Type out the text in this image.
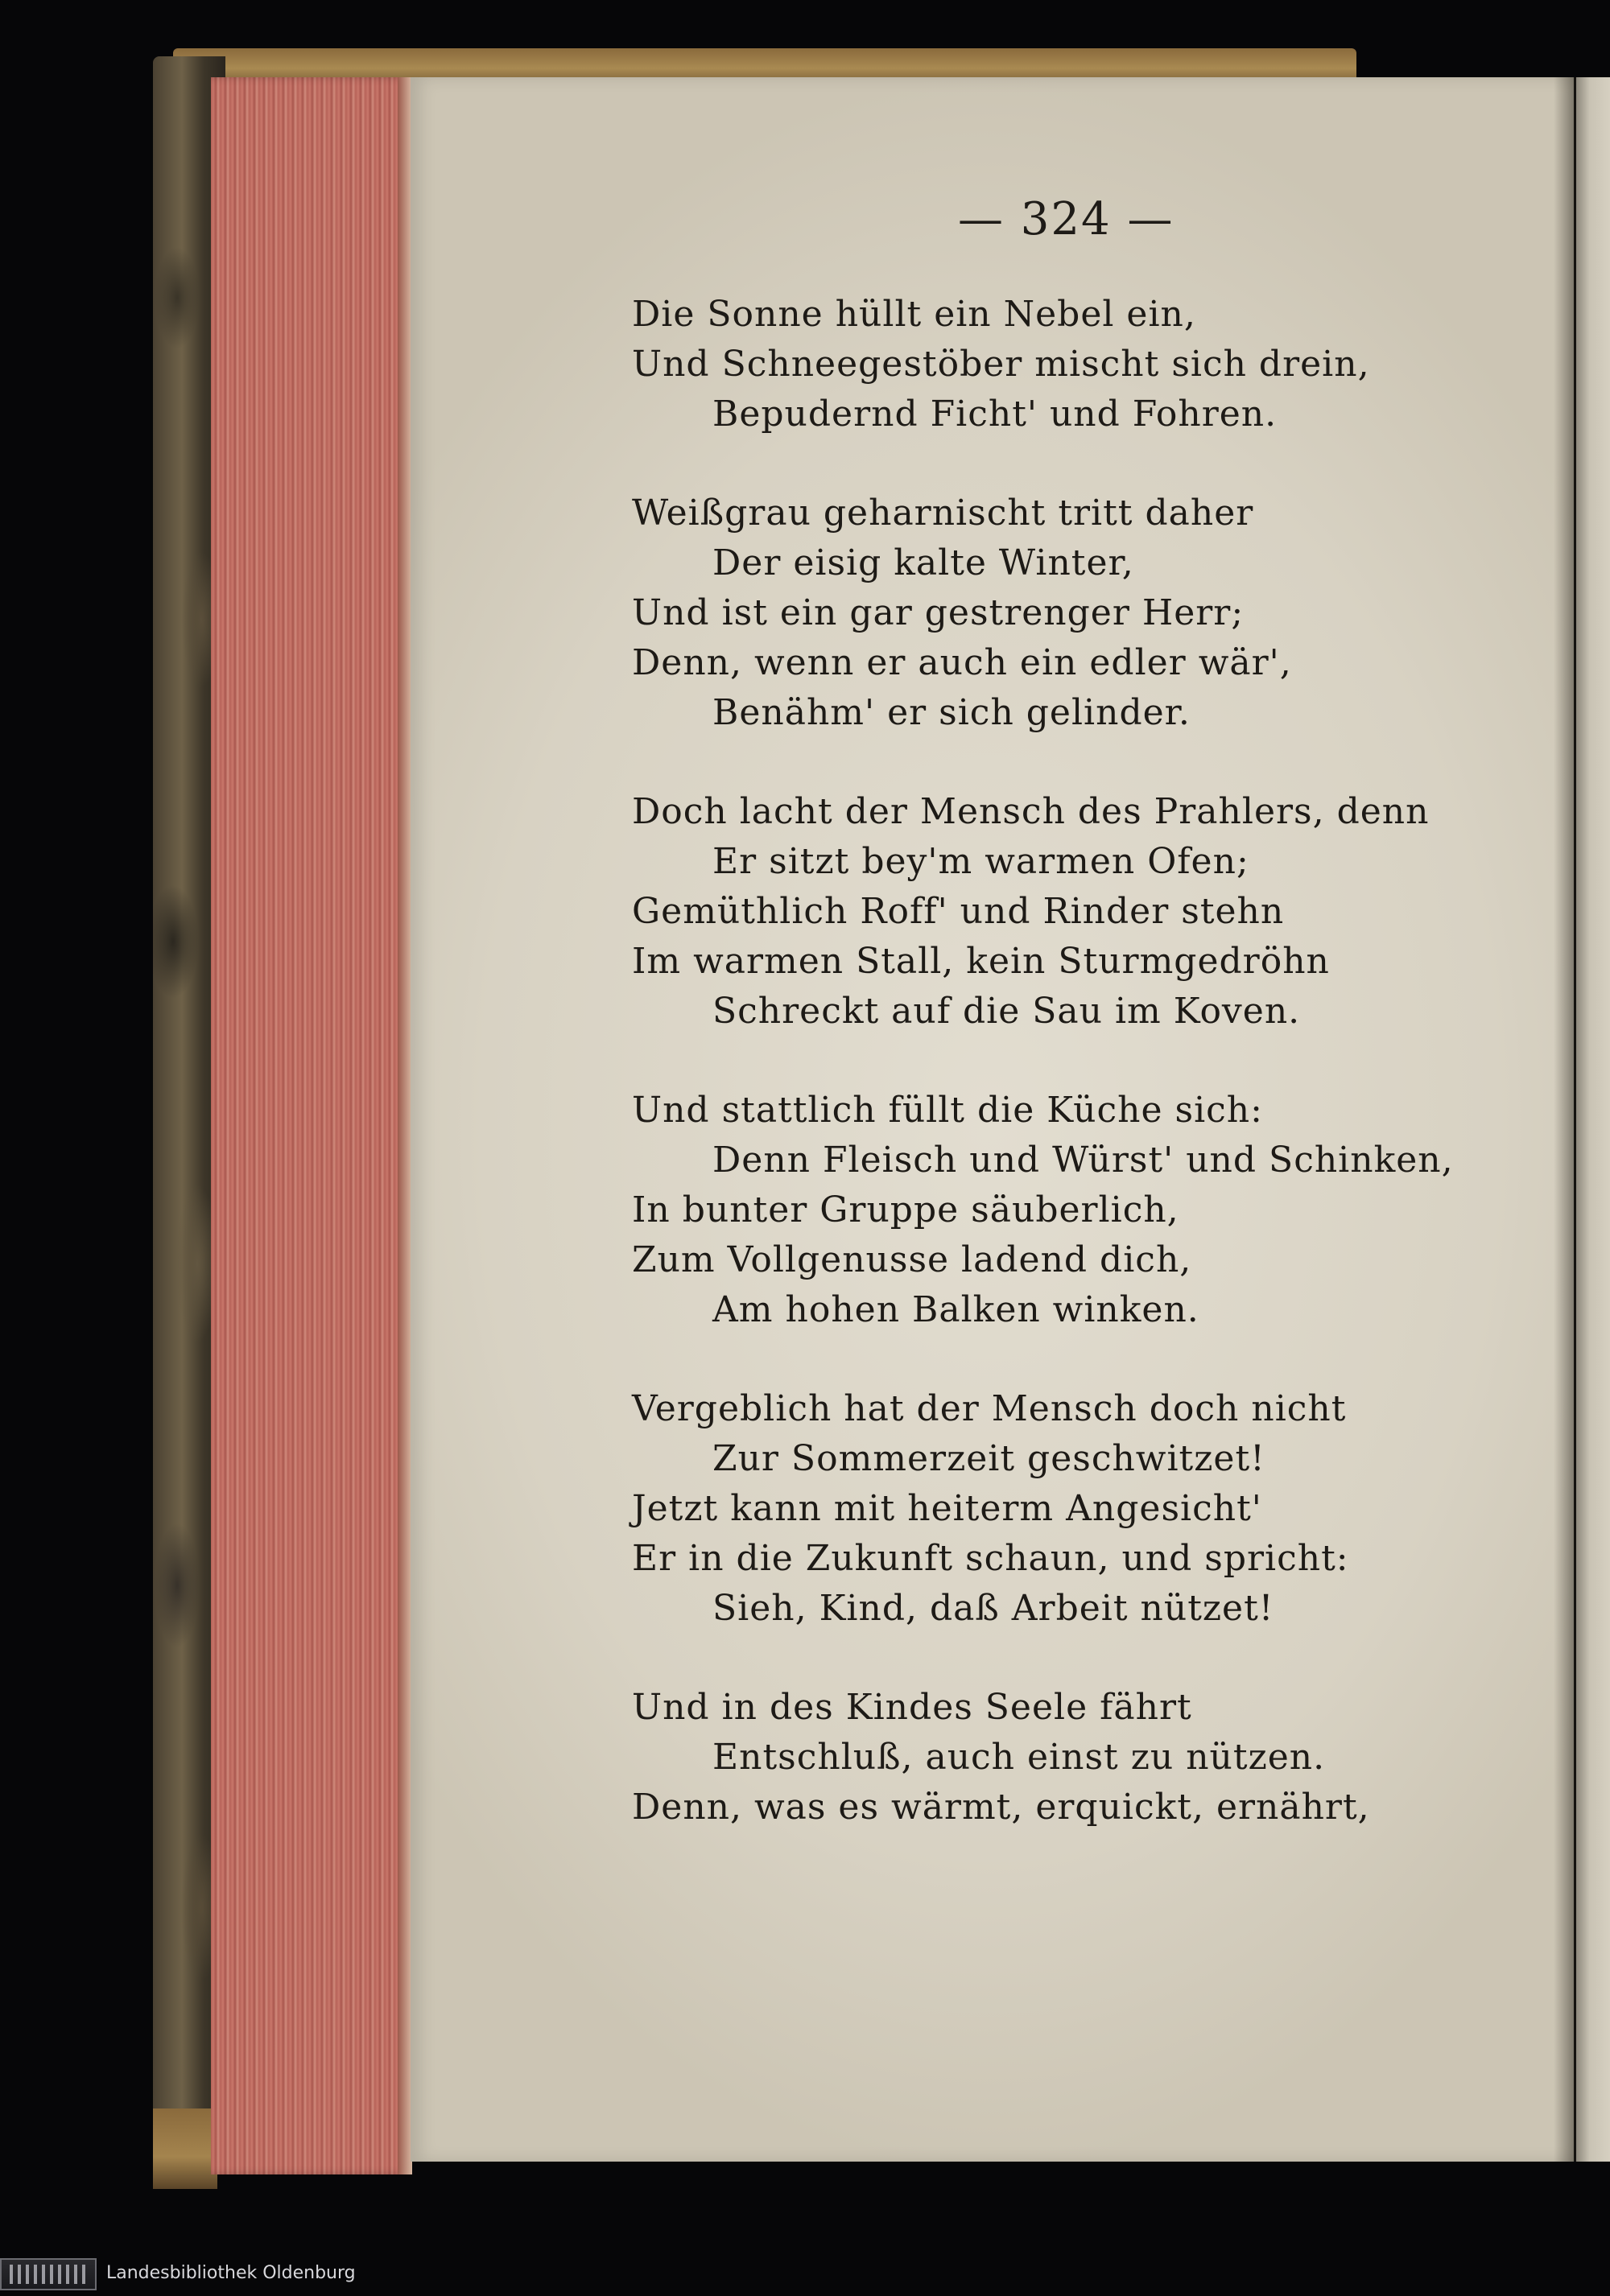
— 324 —
Die Sonne hüllt ein Nebel ein,
Und Schneegestöber mischt sich drein,
Bepudernd Ficht' und Fohren.
Weißgrau geharnischt tritt daher
Der eisig kalte Winter,
Und ist ein gar gestrenger Herr;
Denn, wenn er auch ein edler wär',
Benähm' er sich gelinder.
Doch lacht der Mensch des Prahlers, denn
Er sitzt bey'm warmen Ofen;
Gemüthlich Roff' und Rinder stehn
Im warmen Stall, kein Sturmgedröhn
Schreckt auf die Sau im Koven.
Und stattlich füllt die Küche sich:
Denn Fleisch und Würst' und Schinken,
In bunter Gruppe säuberlich,
Zum Vollgenusse ladend dich,
Am hohen Balken winken.
Vergeblich hat der Mensch doch nicht
Zur Sommerzeit geschwitzet!
Jetzt kann mit heiterm Angesicht'
Er in die Zukunft schaun, und spricht:
Sieh, Kind, daß Arbeit nützet!
Und in des Kindes Seele fährt
Entschluß, auch einst zu nützen.
Denn, was es wärmt, erquickt, ernährt,
Landesbibliothek Oldenburg
